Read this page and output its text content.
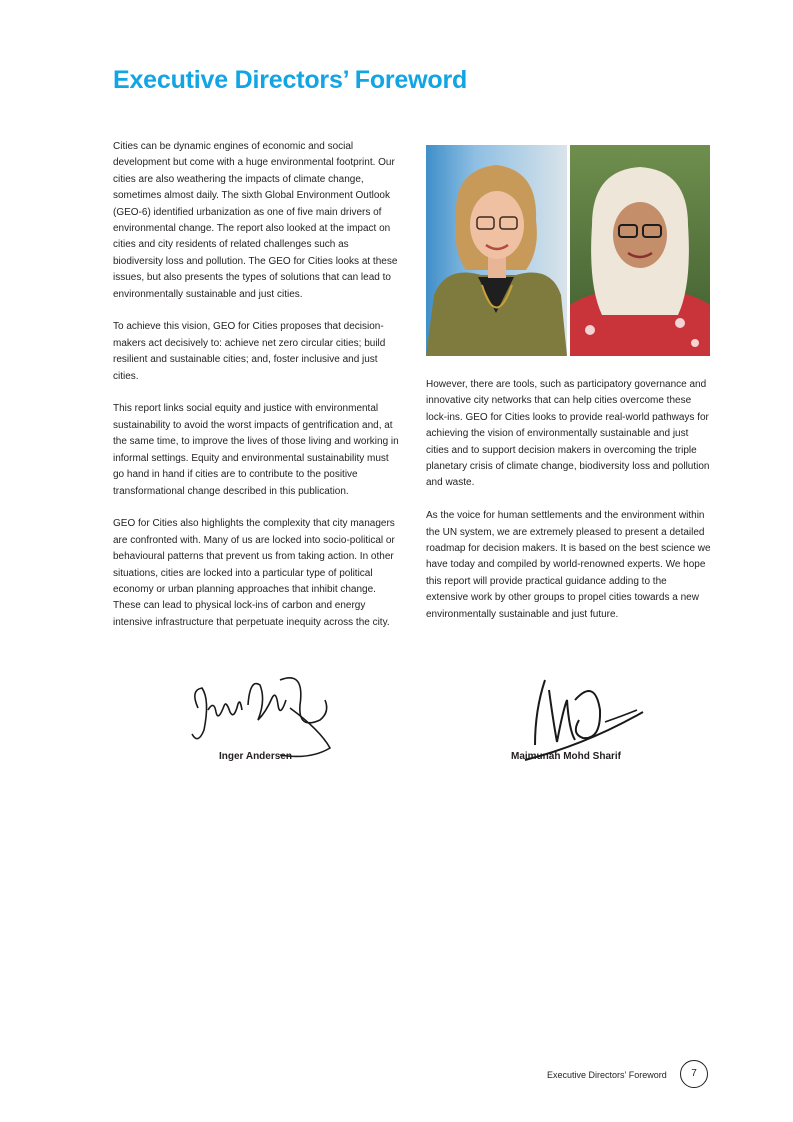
Executive Directors’ Foreword

Cities can be dynamic engines of economic and social development but come with a huge environmental footprint. Our cities are also weathering the impacts of climate change, sometimes almost daily. The sixth Global Environment Outlook (GEO-6) identified urbanization as one of five main drivers of environmental change. The report also looked at the impact on cities and city residents of related challenges such as biodiversity loss and pollution. The GEO for Cities looks at these issues, but also presents the types of solutions that can lead to environmentally sustainable and just cities.

To achieve this vision, GEO for Cities proposes that decision-makers act decisively to: achieve net zero circular cities; build resilient and sustainable cities; and, foster inclusive and just cities.

This report links social equity and justice with environmental sustainability to avoid the worst impacts of gentrification and, at the same time, to improve the lives of those living and working in informal settings. Equity and environmental sustainability must go hand in hand if cities are to contribute to the positive transformational change described in this publication.

GEO for Cities also highlights the complexity that city managers are confronted with. Many of us are locked into socio-political or behavioural patterns that prevent us from taking action. In other situations, cities are locked into a particular type of political economy or urban planning approaches that inhibit change. These can lead to physical lock-ins of carbon and energy intensive infrastructure that perpetuate inequity across the city.

However, there are tools, such as participatory governance and innovative city networks that can help cities overcome these lock-ins. GEO for Cities looks to provide real-world pathways for achieving the vision of environmentally sustainable and just cities and to support decision makers in overcoming the triple planetary crisis of climate change, biodiversity loss and pollution and waste.

As the voice for human settlements and the environment within the UN system, we are extremely pleased to present a detailed roadmap for decision makers. It is based on the best science we have today and compiled by world-renowned experts. We hope this report will provide practical guidance adding to the extensive work by other groups to propel cities towards a new environmentally sustainable and just future.

Inger Andersen	Maimunah Mohd Sharif
Executive Directors’ Foreword	7
